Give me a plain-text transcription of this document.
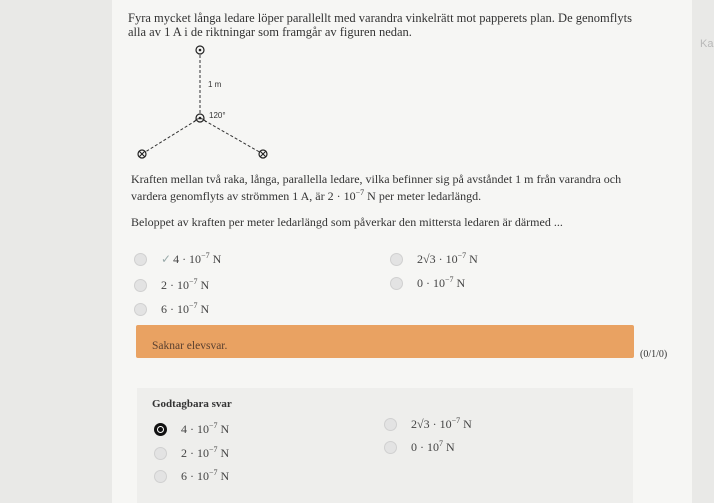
Ka
Fyra mycket långa ledare löper parallellt med varandra vinkelrätt mot papperets plan. De genomflyts alla av 1 A i de riktningar som framgår av figuren nedan.
1 m
120°
Kraften mellan två raka, långa, parallella ledare, vilka befinner sig på avståndet 1 m från varandra och vardera genomflyts av strömmen 1 A, är $2 \cdot 10^{-7}$ N per meter ledarlängd.
Beloppet av kraften per meter ledarlängd som påverkar den mittersta ledaren är därmed ...
✓ $4 \cdot 10^{-7}$ N	$2√3 \cdot 10^{-7}$ N
$2 \cdot 10^{-7}$ N	$0 \cdot 10^{-7}$ N
$6 \cdot 10^{-7}$ N
Saknar elevsvar.
(0/1/0)
Godtagbara svar
$4 \cdot 10^{-7}$ N	$2√3 \cdot 10^{-7}$ N
$2 \cdot 10^{-7}$ N	$0 \cdot 10^7$ N
$6 \cdot 10^{-7}$ N
